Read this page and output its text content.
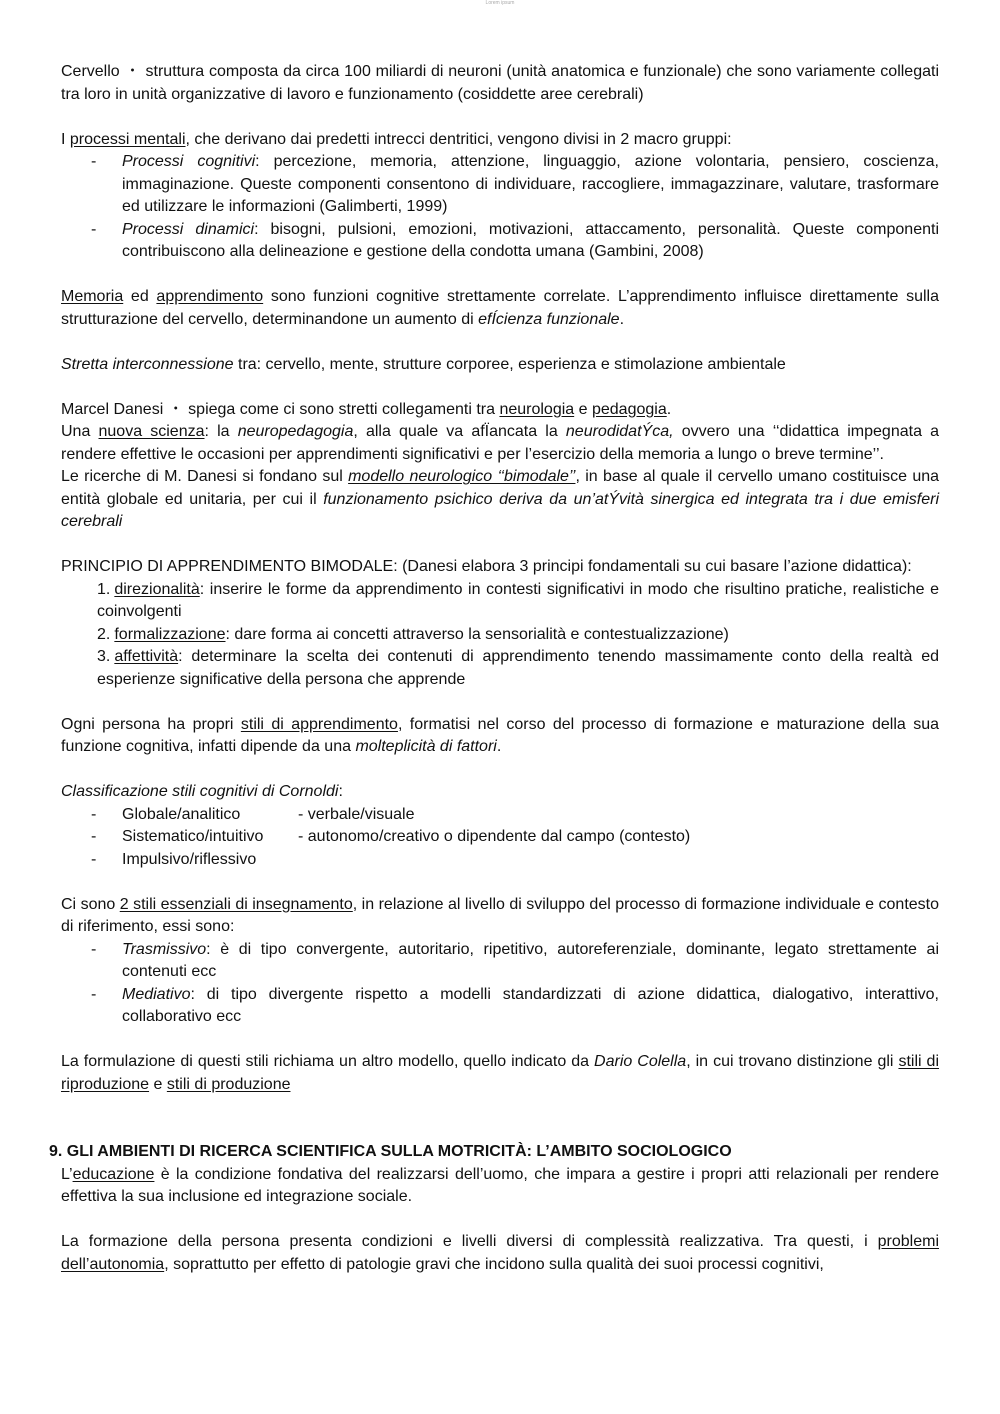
Lorem ipsum

Cervello ・ struttura composta da circa 100 miliardi di neuroni (unità anatomica e funzionale) che sono variamente collegati tra loro in unità organizzative di lavoro e funzionamento (cosiddette aree cerebrali)

I processi mentali, che derivano dai predetti intrecci dentritici, vengono divisi in 2 macro gruppi:

- Processi cognitivi: percezione, memoria, attenzione, linguaggio, azione volontaria, pensiero, coscienza, immaginazione. Queste componenti consentono di individuare, raccogliere, immagazzinare, valutare, trasformare ed utilizzare le informazioni (Galimberti, 1999)
- Processi dinamici: bisogni, pulsioni, emozioni, motivazioni, attaccamento, personalità. Queste componenti contribuiscono alla delineazione e gestione della condotta umana (Gambini, 2008)

Memoria ed apprendimento sono funzioni cognitive strettamente correlate. L’apprendimento influisce direttamente sulla strutturazione del cervello, determinandone un aumento di efÍcienza funzionale.

Stretta interconnessione tra: cervello, mente, strutture corporee, esperienza e stimolazione ambientale

Marcel Danesi ・ spiega come ci sono stretti collegamenti tra neurologia e pedagogia.

Una nuova scienza: la neuropedagogia, alla quale va afÏancata la neurodidatÝca, ovvero una ‘‘didattica impegnata a rendere effettive le occasioni per apprendimenti significativi e per l’esercizio della memoria a lungo o breve termine’’.

Le ricerche di M. Danesi si fondano sul modello neurologico ‘‘bimodale’’, in base al quale il cervello umano costituisce una entità globale ed unitaria, per cui il funzionamento psichico deriva da un’atÝvità sinergica ed integrata tra i due emisferi cerebrali

PRINCIPIO DI APPRENDIMENTO BIMODALE: (Danesi elabora 3 principi fondamentali su cui basare l’azione didattica):

1. direzionalità: inserire le forme da apprendimento in contesti significativi in modo che risultino pratiche, realistiche e coinvolgenti
2. formalizzazione: dare forma ai concetti attraverso la sensorialità e contestualizzazione)
3. affettività: determinare la scelta dei contenuti di apprendimento tenendo massimamente conto della realtà ed esperienze significative della persona che apprende

Ogni persona ha propri stili di apprendimento, formatisi nel corso del processo di formazione e maturazione della sua funzione cognitiva, infatti dipende da una molteplicità di fattori.

Classificazione stili cognitivi di Cornoldi:

- Globale/analitico	- verbale/visuale
- Sistematico/intuitivo - autonomo/creativo o dipendente dal campo (contesto)
- Impulsivo/riflessivo

Ci sono 2 stili essenziali di insegnamento, in relazione al livello di sviluppo del processo di formazione individuale e contesto di riferimento, essi sono:

- Trasmissivo: è di tipo convergente, autoritario, ripetitivo, autoreferenziale, dominante, legato strettamente ai contenuti ecc
- Mediativo: di tipo divergente rispetto a modelli standardizzati di azione didattica, dialogativo, interattivo, collaborativo ecc

La formulazione di questi stili richiama un altro modello, quello indicato da Dario Colella, in cui trovano distinzione gli stili di riproduzione e stili di produzione

9. GLI AMBIENTI DI RICERCA SCIENTIFICA SULLA MOTRICITÀ: L’AMBITO SOCIOLOGICO

L’educazione è la condizione fondativa del realizzarsi dell’uomo, che impara a gestire i propri atti relazionali per rendere effettiva la sua inclusione ed integrazione sociale.

La formazione della persona presenta condizioni e livelli diversi di complessità realizzativa. Tra questi, i problemi dell’autonomia, soprattutto per effetto di patologie gravi che incidono sulla qualità dei suoi processi cognitivi,
